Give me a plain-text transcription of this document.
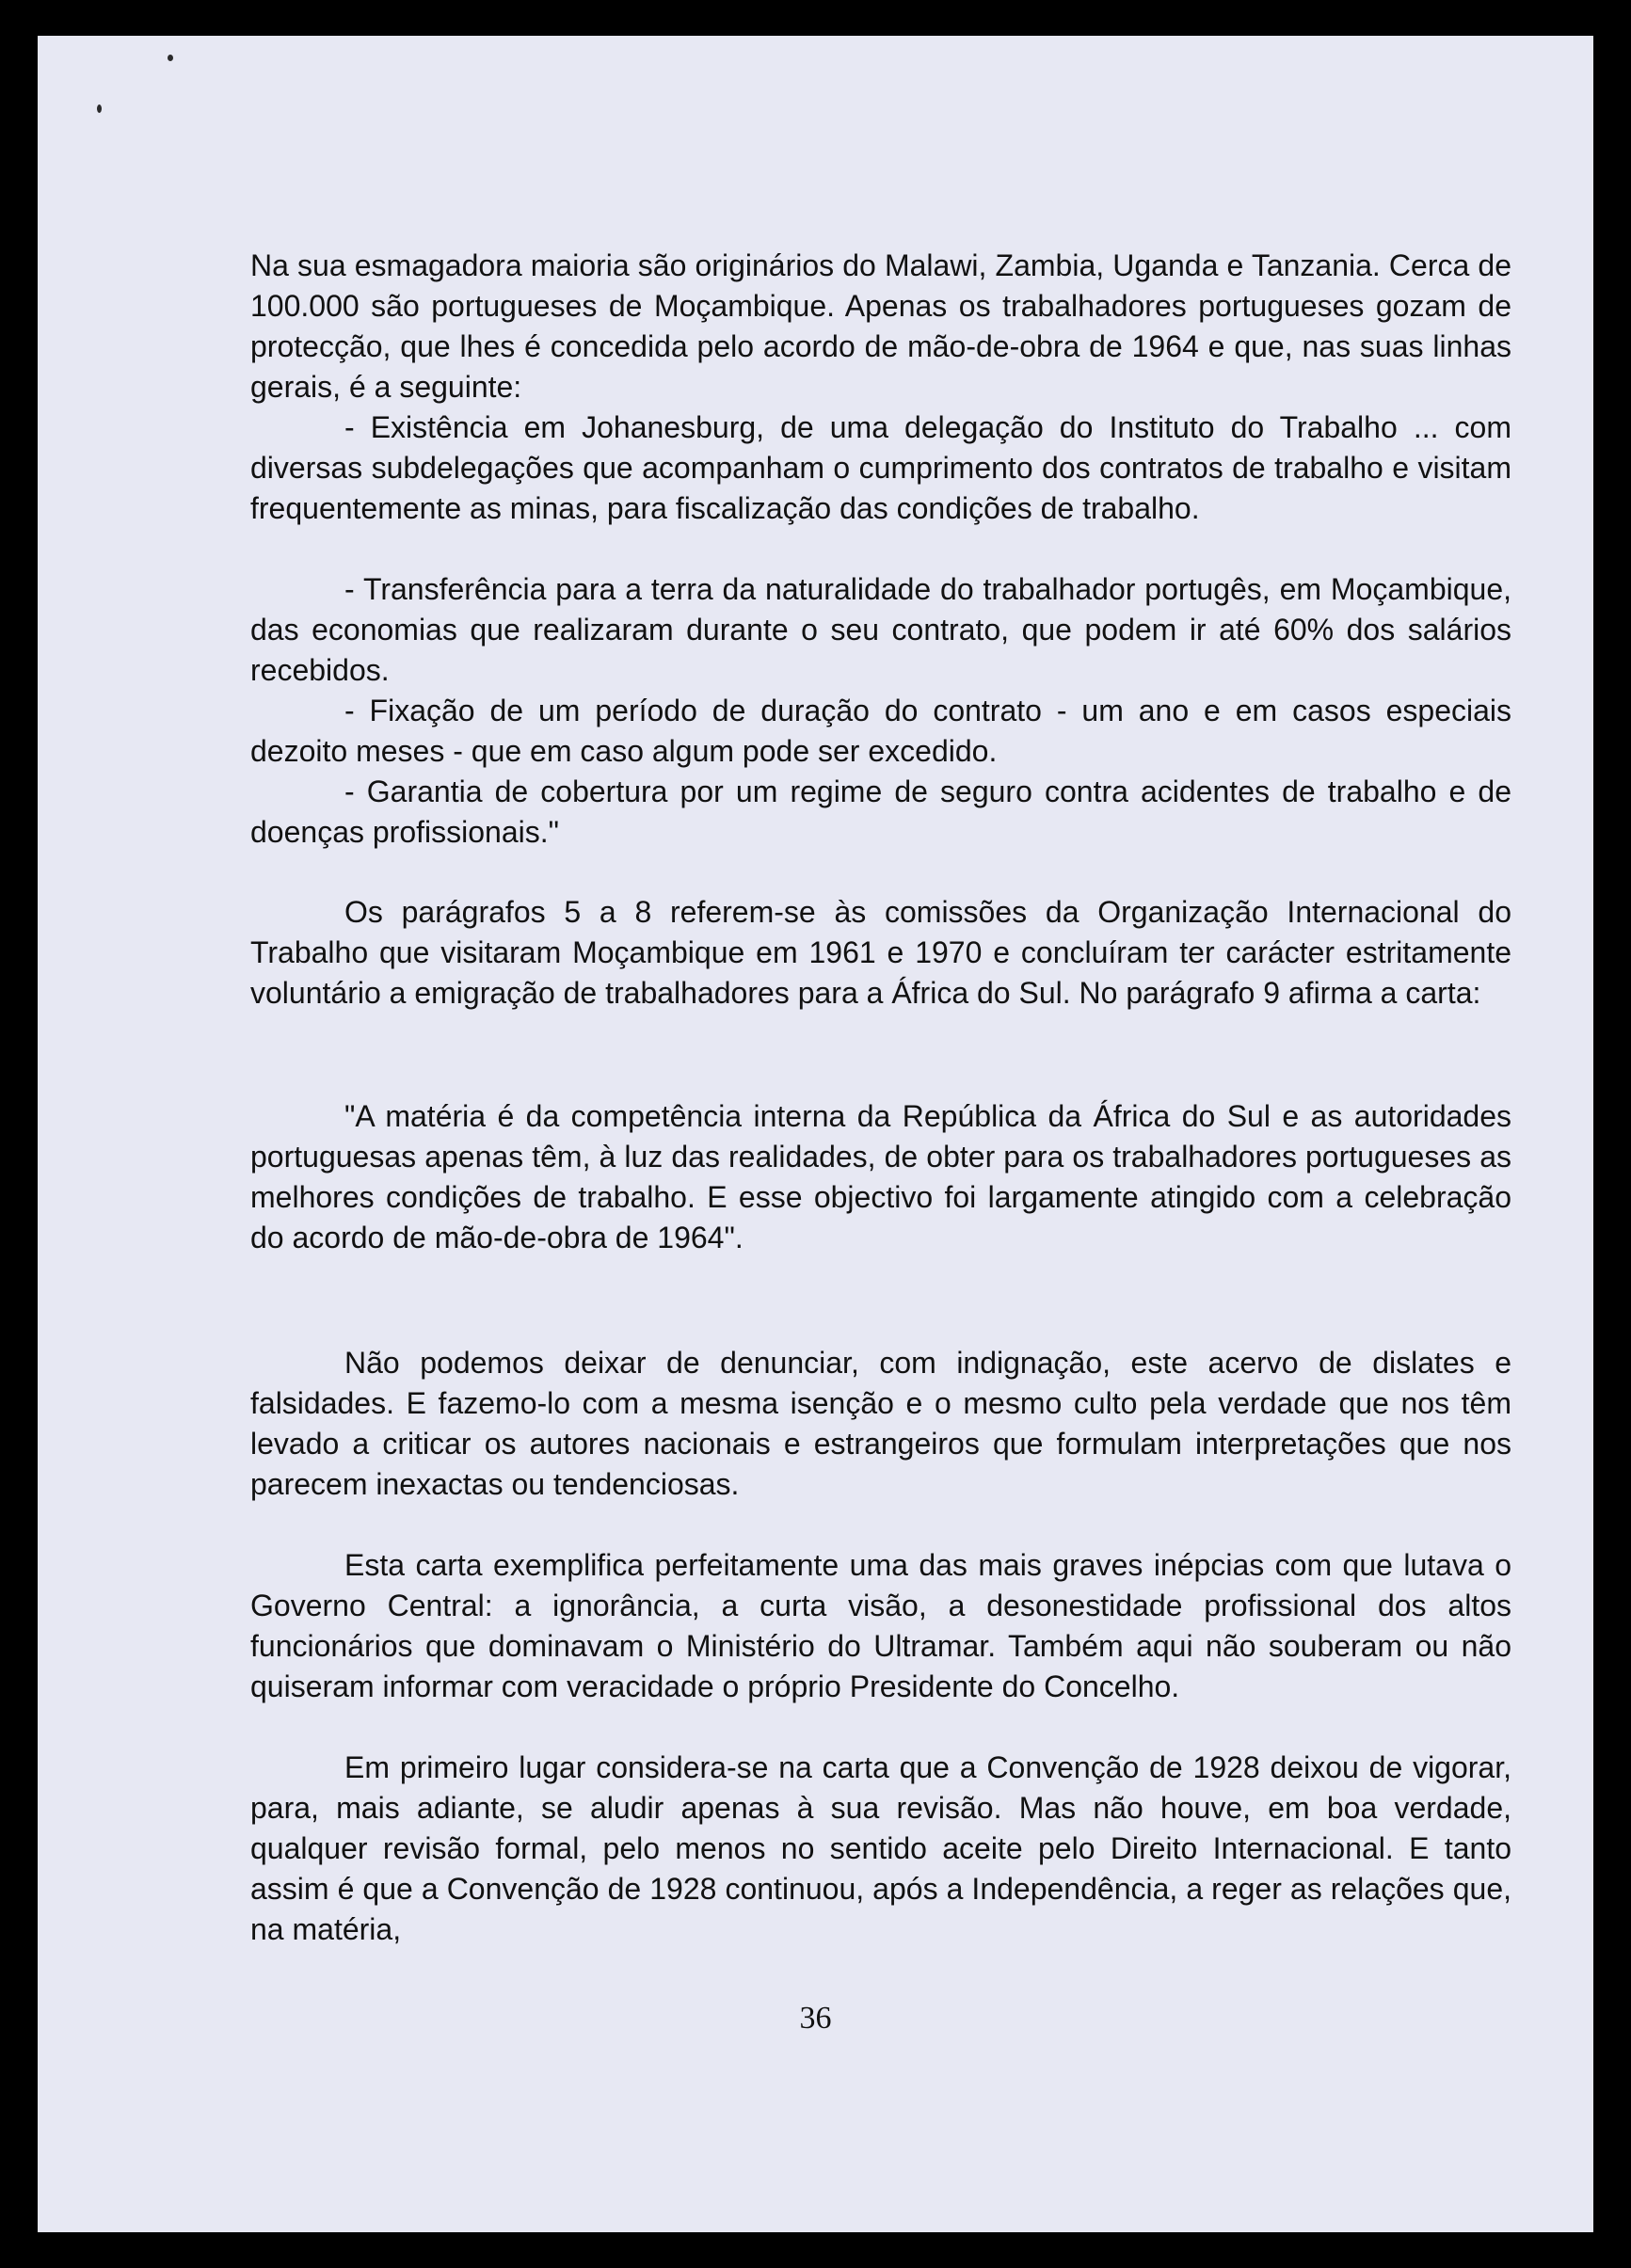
Na sua esmagadora maioria são originários do Malawi, Zambia, Uganda e Tanzania. Cerca de 100.000 são portugueses de Moçambique. Apenas os trabalhadores portugueses gozam de protecção, que lhes é concedida pelo acordo de mão-de-obra de 1964 e que, nas suas linhas gerais, é a seguinte:

- Existência em Johanesburg, de uma delegação do Instituto do Trabalho ... com diversas subdelegações que acompanham o cumprimento dos contratos de trabalho e visitam frequentemente as minas, para fiscalização das condições de trabalho.

- Transferência para a terra da naturalidade do trabalhador portugês, em Moçambique, das economias que realizaram durante o seu contrato, que podem ir até 60% dos salários recebidos.

- Fixação de um período de duração do contrato - um ano e em casos especiais dezoito meses - que em caso algum pode ser excedido.

- Garantia de cobertura por um regime de seguro contra acidentes de trabalho e de doenças profissionais."

Os parágrafos 5 a 8 referem-se às comissões da Organização Internacional do Trabalho que visitaram Moçambique em 1961 e 1970 e concluíram ter carácter estritamente voluntário a emigração de trabalhadores para a África do Sul. No parágrafo 9 afirma a carta:

"A matéria é da competência interna da República da África do Sul e as autoridades portuguesas apenas têm, à luz das realidades, de obter para os trabalhadores portugueses as melhores condições de trabalho. E esse objectivo foi largamente atingido com a celebração do acordo de mão-de-obra de 1964".

Não podemos deixar de denunciar, com indignação, este acervo de dislates e falsidades. E fazemo-lo com a mesma isenção e o mesmo culto pela verdade que nos têm levado a criticar os autores nacionais e estrangeiros que formulam interpretações que nos parecem inexactas ou tendenciosas.

Esta carta exemplifica perfeitamente uma das mais graves inépcias com que lutava o Governo Central: a ignorância, a curta visão, a desonestidade profissional dos altos funcionários que dominavam o Ministério do Ultramar. Também aqui não souberam ou não quiseram informar com veracidade o próprio Presidente do Concelho.

Em primeiro lugar considera-se na carta que a Convenção de 1928 deixou de vigorar, para, mais adiante, se aludir apenas à sua revisão. Mas não houve, em boa verdade, qualquer revisão formal, pelo menos no sentido aceite pelo Direito Internacional. E tanto assim é que a Convenção de 1928 continuou, após a Independência, a reger as relações que, na matéria,

36
